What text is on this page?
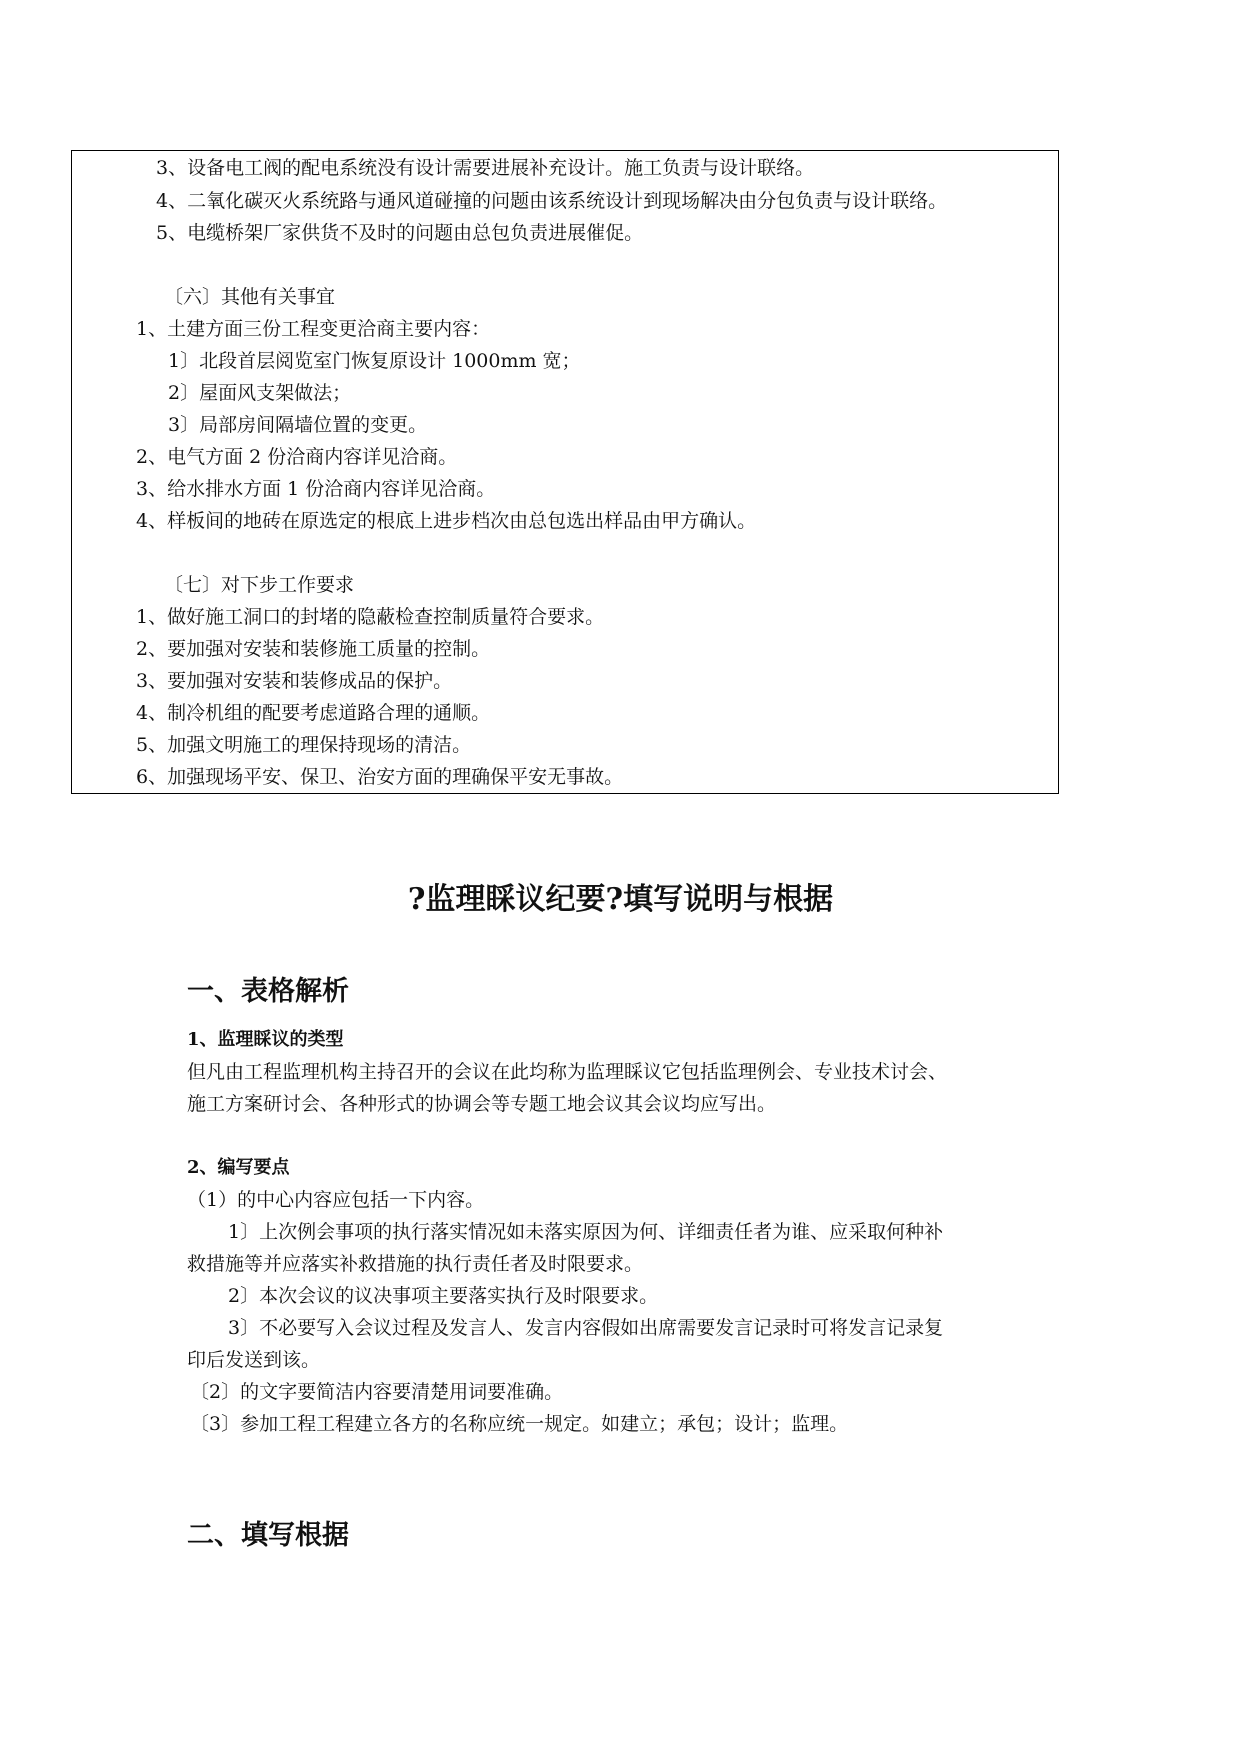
3、设备电工阀的配电系统没有设计需要进展补充设计。施工负责与设计联络。
4、二氧化碳灭火系统路与通风道碰撞的问题由该系统设计到现场解决由分包负责与设计联络。
5、电缆桥架厂家供货不及时的问题由总包负责进展催促。
〔六〕其他有关事宜
1、土建方面三份工程变更洽商主要内容：
1〕北段首层阅览室门恢复原设计 1000mm 宽；
2〕屋面风支架做法；
3〕局部房间隔墙位置的变更。
2、电气方面 2 份洽商内容详见洽商。
3、给水排水方面 1 份洽商内容详见洽商。
4、样板间的地砖在原选定的根底上进步档次由总包选出样品由甲方确认。
〔七〕对下步工作要求
1、做好施工洞口的封堵的隐蔽检查控制质量符合要求。
2、要加强对安装和装修施工质量的控制。
3、要加强对安装和装修成品的保护。
4、制冷机组的配要考虑道路合理的通顺。
5、加强文明施工的理保持现场的清洁。
6、加强现场平安、保卫、治安方面的理确保平安无事故。
?监理睬议纪要?填写说明与根据
一、表格解析
1、监理睬议的类型
但凡由工程监理机构主持召开的会议在此均称为监理睬议它包括监理例会、专业技术讨会、
施工方案研讨会、各种形式的协调会等专题工地会议其会议均应写出。
2、编写要点
（1）的中心内容应包括一下内容。
1〕上次例会事项的执行落实情况如未落实原因为何、详细责任者为谁、应采取何种补
救措施等并应落实补救措施的执行责任者及时限要求。
2〕本次会议的议决事项主要落实执行及时限要求。
3〕不必要写入会议过程及发言人、发言内容假如出席需要发言记录时可将发言记录复
印后发送到该。
〔2〕的文字要简洁内容要清楚用词要准确。
〔3〕参加工程工程建立各方的名称应统一规定。如建立；承包；设计；监理。
二、填写根据
